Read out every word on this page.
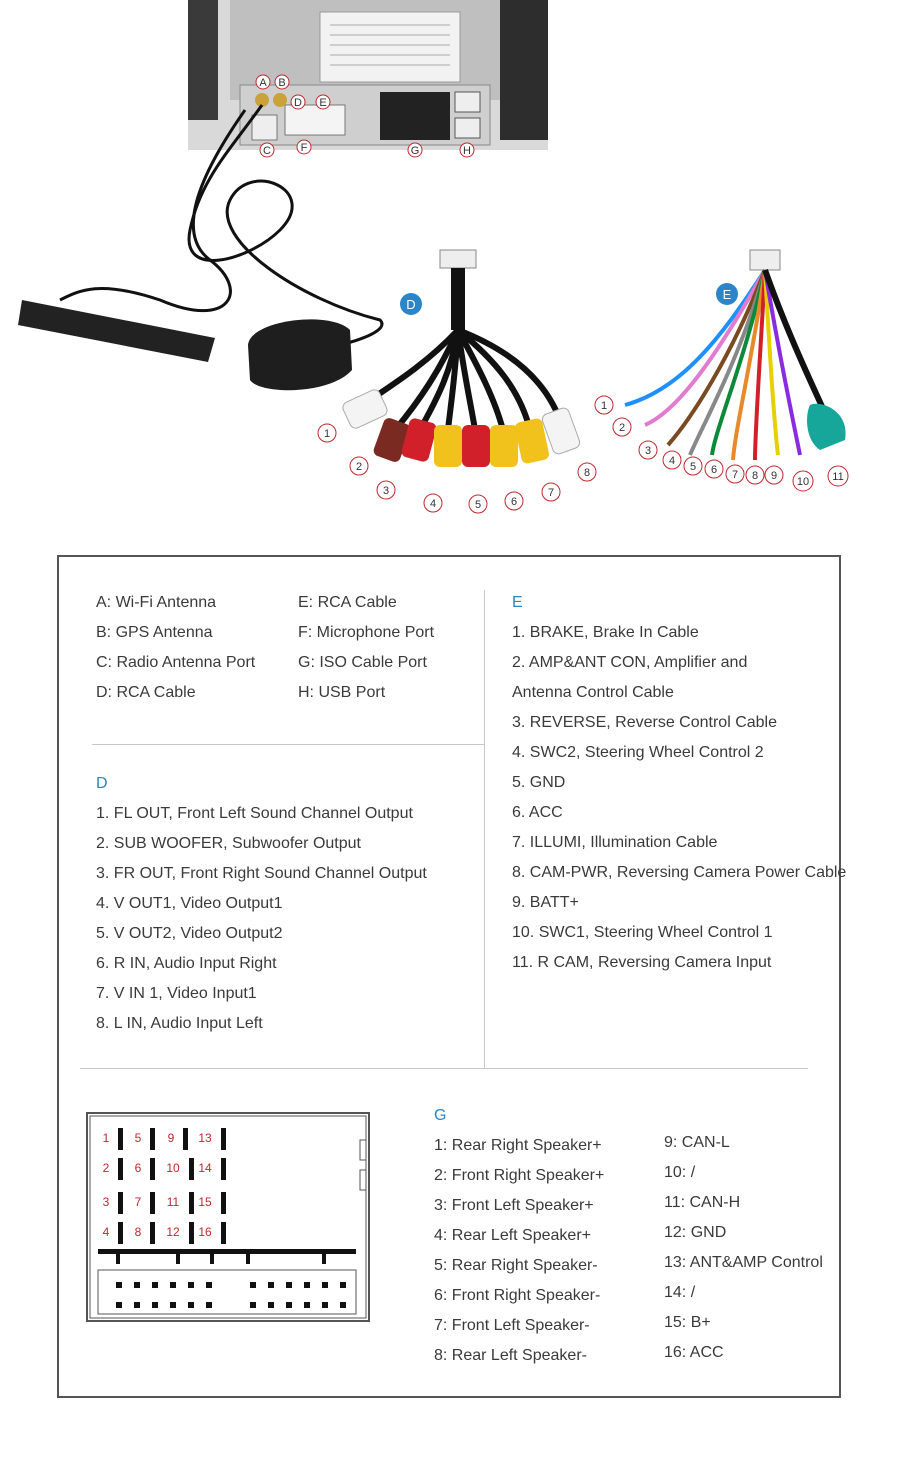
A B
C
D E
F	G	H
D
E
1
2
3
4	5	6
7
8
1
2
3
4 5 6 7 8 9 10 11
A: Wi-Fi Antenna
B: GPS Antenna
C: Radio Antenna Port
D: RCA Cable
E: RCA Cable
F: Microphone Port
G: ISO Cable Port
H: USB Port
D
1. FL OUT, Front Left Sound Channel Output
2. SUB WOOFER, Subwoofer Output
3. FR OUT, Front Right Sound Channel Output
4. V OUT1, Video Output1
5. V OUT2, Video Output2
6. R IN, Audio Input Right
7. V IN 1, Video Input1
8. L IN, Audio Input Left
E
1. BRAKE, Brake In Cable
2. AMP&ANT CON, Amplifier and
Antenna Control Cable
3. REVERSE, Reverse Control Cable
4. SWC2, Steering Wheel Control 2
5. GND
6. ACC
7. ILLUMI, Illumination Cable
8. CAM-PWR, Reversing Camera Power Cable
9. BATT+
10. SWC1, Steering Wheel Control 1
11. R CAM, Reversing Camera Input
1 5 9 13
2 6 10 14
3 7 11 15
4 8 12 16
G
1: Rear Right Speaker+
2: Front Right Speaker+
3: Front Left Speaker+
4: Rear Left Speaker+
5: Rear Right Speaker-
6: Front Right Speaker-
7: Front Left Speaker-
8: Rear Left Speaker-
9: CAN-L
10: /
11: CAN-H
12: GND
13: ANT&AMP Control
14: /
15: B+
16: ACC
